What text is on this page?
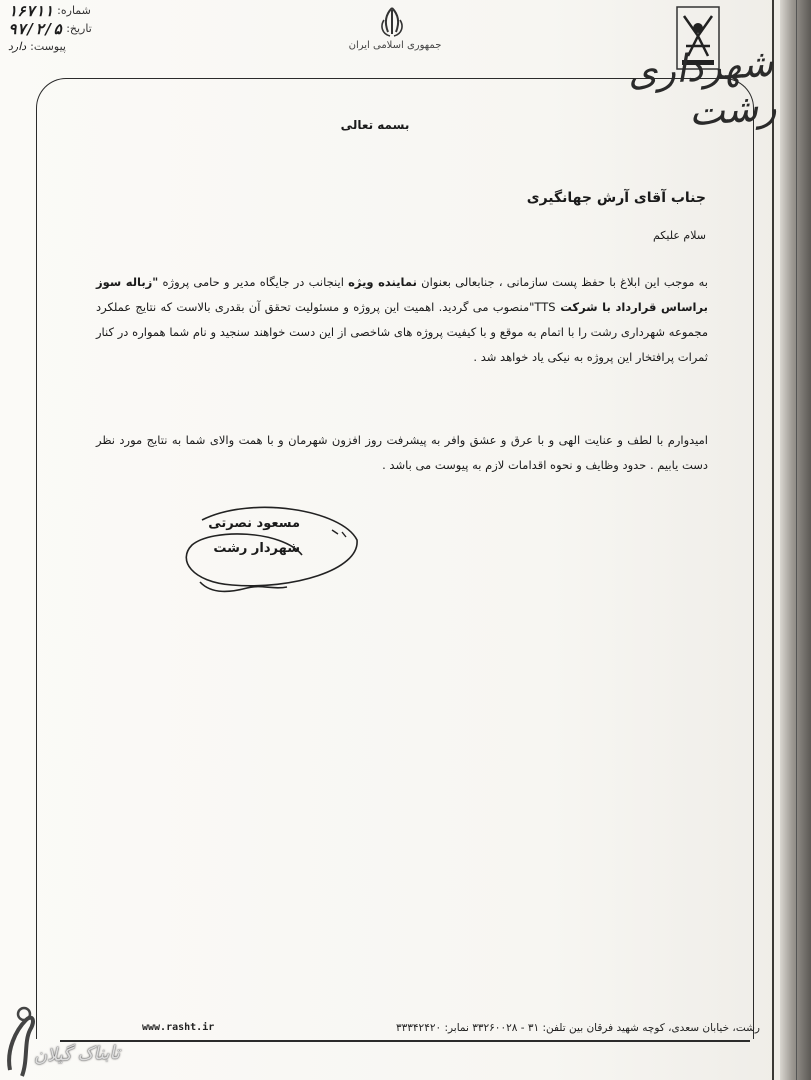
جمهوری اسلامی ایران	شهرداری رشت
شماره:
۱۶۷۱۱
تاریخ:
۹۷/۲/۵
پیوست:
دارد
بسمه تعالی
جناب آقای آرش جهانگیری
سلام علیکم
به موجب این ابلاغ با حفظ پست سازمانی ، جنابعالی بعنوان نماینده ویژه اینجانب در جایگاه مدیر و حامی پروژه "زباله سوز براساس قرارداد با شرکت TTS"منصوب می گردید. اهمیت این پروژه و مسئولیت تحقق آن بقدری بالاست که نتایج عملکرد مجموعه شهرداری رشت را با اتمام به موقع و با کیفیت پروژه های شاخصی از این دست خواهند سنجید و نام شما همواره در کنار ثمرات پرافتخار این پروژه به نیکی یاد خواهد شد .
امیدوارم با لطف و عنایت الهی و با عرق و عشق وافر به پیشرفت روز افزون شهرمان و با همت والای شما به نتایج مورد نظر دست یابیم . حدود وظایف و نحوه اقدامات لازم به پیوست می باشد .
مسعود نصرتی
شهردار رشت
رشت، خیابان سعدی، کوچه شهید فرقان بین تلفن: ۳۱ - ۳۳۲۶۰۰۲۸ نمابر: ۳۳۳۴۲۴۲۰
www.rasht.ir
تابناک گیلان
